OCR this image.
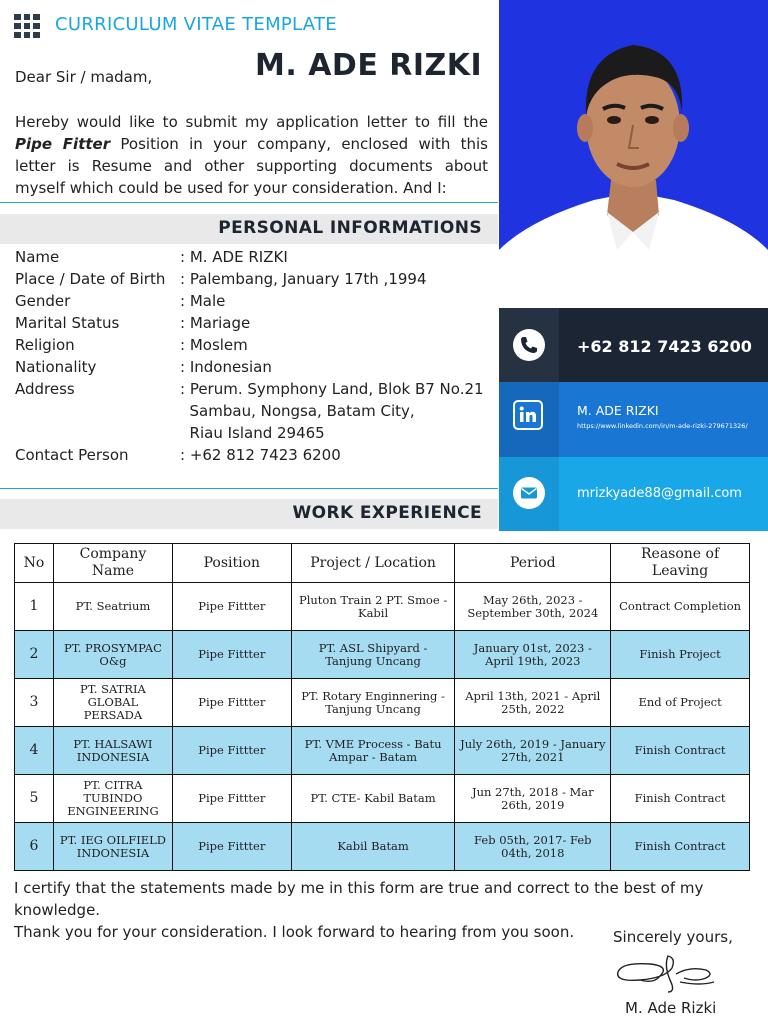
CURRICULUM VITAE TEMPLATE
M. ADE RIZKI
Dear Sir / madam,
Hereby would like to submit my application letter to fill the Pipe Fitter Position in your company, enclosed with this letter is Resume and other supporting documents about myself which could be used for your consideration. And I:
PERSONAL INFORMATIONS
Name	: M. ADE RIZKI
Place / Date of Birth : Palembang, January 17th ,1994
Gender	: Male
Marital Status	: Mariage
Religion	: Moslem
Nationality	: Indonesian
Address	: Perum. Symphony Land, Blok B7 No.21
Sambau, Nongsa, Batam City,
Riau Island 29465
Contact Person	: +62 812 7423 6200
WORK EXPERIENCE
+62 812 7423 6200
M. ADE RIZKI
https://www.linkedin.com/in/m-ade-rizki-279671326/
mrizkyade88@gmail.com
No	Company Name	Position	Project / Location	Period	Reasone of Leaving
1	PT. Seatrium	Pipe Fittter	Pluton Train 2 PT. Smoe - Kabil	May 26th, 2023 - September 30th, 2024	Contract Completion
2	PT. PROSYMPAC O&g	Pipe Fittter	PT. ASL Shipyard - Tanjung Uncang	January 01st, 2023 - April 19th, 2023	Finish Project
3	PT. SATRIA GLOBAL PERSADA	Pipe Fittter	PT. Rotary Enginnering - Tanjung Uncang	April 13th, 2021 - April 25th, 2022	End of Project
4	PT. HALSAWI INDONESIA	Pipe Fittter	PT. VME Process - Batu Ampar - Batam	July 26th, 2019 - January 27th, 2021	Finish Contract
5	PT. CITRA TUBINDO ENGINEERING	Pipe Fittter	PT. CTE- Kabil Batam	Jun 27th, 2018 - Mar 26th, 2019	Finish Contract
6	PT. IEG OILFIELD INDONESIA	Pipe Fittter	Kabil Batam	Feb 05th, 2017- Feb 04th, 2018	Finish Contract

I certify that the statements made by me in this form are true and correct to the best of my knowledge.

Thank you for your consideration. I look forward to hearing from you soon.	Sincerely yours,
M. Ade Rizki
